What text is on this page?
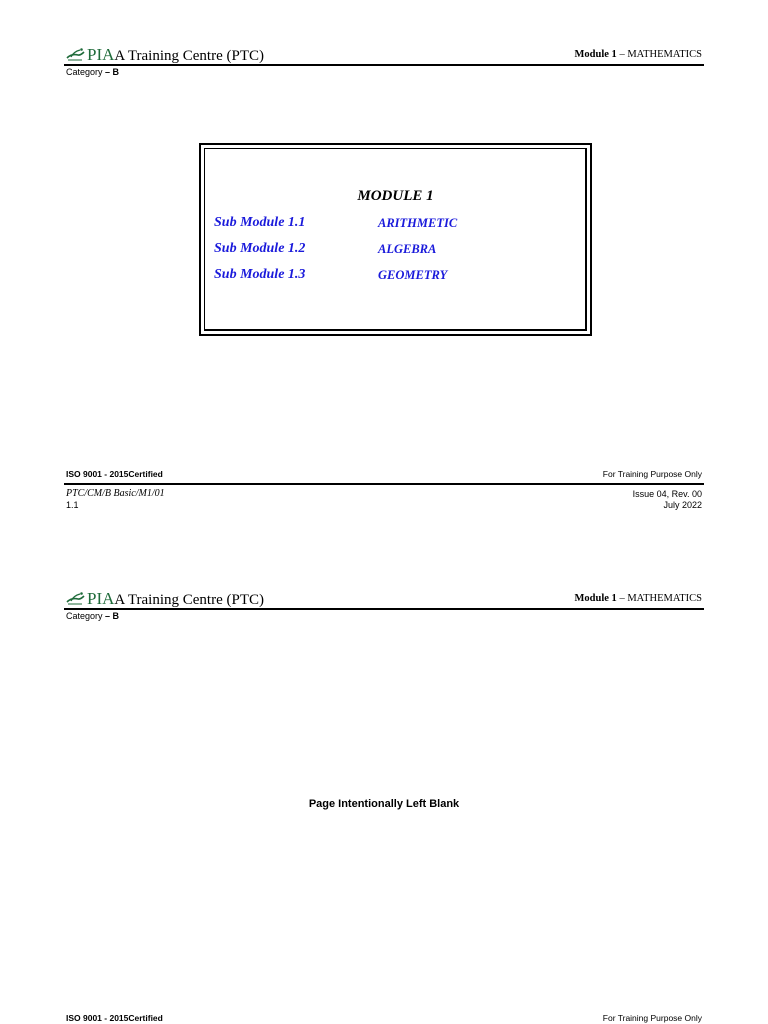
PIA A Training Centre (PTC)	Module 1 – MATHEMATICS
Category – B
MODULE 1
Sub Module 1.1	ARITHMETIC
Sub Module 1.2	ALGEBRA
Sub Module 1.3	GEOMETRY
ISO 9001 - 2015Certified	For Training Purpose Only
PTC/CM/B Basic/M1/01
1.1
Issue 04, Rev. 00
July 2022
PIA A Training Centre (PTC)	Module 1 – MATHEMATICS
Category – B
Page Intentionally Left Blank
ISO 9001 - 2015Certified	For Training Purpose Only
